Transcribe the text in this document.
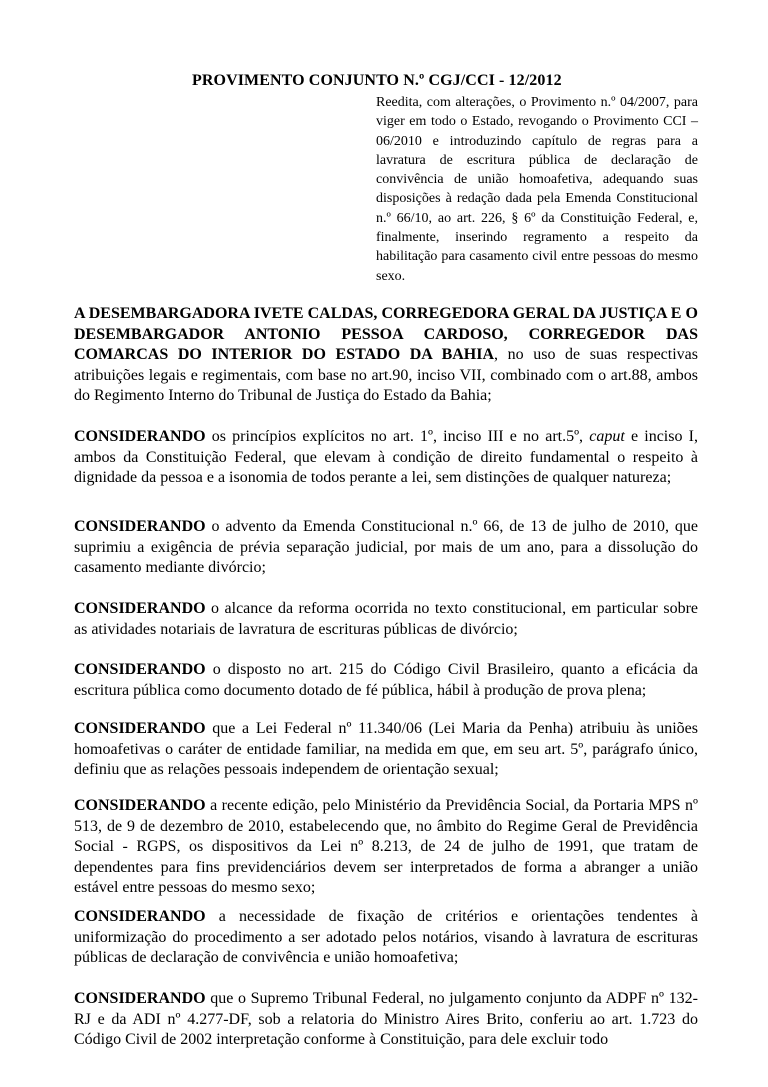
PROVIMENTO CONJUNTO N.º CGJ/CCI - 12/2012
Reedita, com alterações, o Provimento n.º 04/2007, para viger em todo o Estado, revogando o Provimento CCI – 06/2010 e introduzindo capítulo de regras para a lavratura de escritura pública de declaração de convivência de união homoafetiva, adequando suas disposições à redação dada pela Emenda Constitucional n.º 66/10, ao art. 226, § 6º da Constituição Federal, e, finalmente, inserindo regramento a respeito da habilitação para casamento civil entre pessoas do mesmo sexo.

A DESEMBARGADORA IVETE CALDAS, CORREGEDORA GERAL DA JUSTIÇA E O DESEMBARGADOR ANTONIO PESSOA CARDOSO, CORREGEDOR DAS COMARCAS DO INTERIOR DO ESTADO DA BAHIA, no uso de suas respectivas atribuições legais e regimentais, com base no art.90, inciso VII, combinado com o art.88, ambos do Regimento Interno do Tribunal de Justiça do Estado da Bahia;

CONSIDERANDO os princípios explícitos no art. 1º, inciso III e no art.5º, caput e inciso I, ambos da Constituição Federal, que elevam à condição de direito fundamental o respeito à dignidade da pessoa e a isonomia de todos perante a lei, sem distinções de qualquer natureza;

CONSIDERANDO o advento da Emenda Constitucional n.º 66, de 13 de julho de 2010, que suprimiu a exigência de prévia separação judicial, por mais de um ano, para a dissolução do casamento mediante divórcio;

CONSIDERANDO o alcance da reforma ocorrida no texto constitucional, em particular sobre as atividades notariais de lavratura de escrituras públicas de divórcio;

CONSIDERANDO o disposto no art. 215 do Código Civil Brasileiro, quanto a eficácia da escritura pública como documento dotado de fé pública, hábil à produção de prova plena;

CONSIDERANDO que a Lei Federal nº 11.340/06 (Lei Maria da Penha) atribuiu às uniões homoafetivas o caráter de entidade familiar, na medida em que, em seu art. 5º, parágrafo único, definiu que as relações pessoais independem de orientação sexual;

CONSIDERANDO a recente edição, pelo Ministério da Previdência Social, da Portaria MPS nº 513, de 9 de dezembro de 2010, estabelecendo que, no âmbito do Regime Geral de Previdência Social - RGPS, os dispositivos da Lei nº 8.213, de 24 de julho de 1991, que tratam de dependentes para fins previdenciários devem ser interpretados de forma a abranger a união estável entre pessoas do mesmo sexo;

CONSIDERANDO a necessidade de fixação de critérios e orientações tendentes à uniformização do procedimento a ser adotado pelos notários, visando à lavratura de escrituras públicas de declaração de convivência e união homoafetiva;

CONSIDERANDO que o Supremo Tribunal Federal, no julgamento conjunto da ADPF nº 132-RJ e da ADI nº 4.277-DF, sob a relatoria do Ministro Aires Brito, conferiu ao art. 1.723 do Código Civil de 2002 interpretação conforme à Constituição, para dele excluir todo
